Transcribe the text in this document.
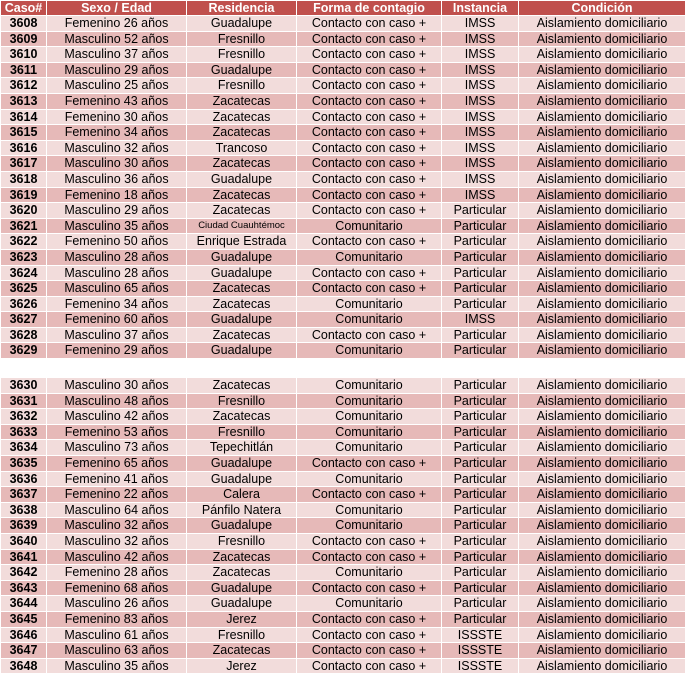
Caso#	Sexo / Edad	Residencia	Forma de contagio	Instancia	Condición
3608	Femenino 26 años	Guadalupe	Contacto con caso +	IMSS	Aislamiento domiciliario
3609	Masculino 52 años	Fresnillo	Contacto con caso +	IMSS	Aislamiento domiciliario
3610	Masculino 37 años	Fresnillo	Contacto con caso +	IMSS	Aislamiento domiciliario
3611	Masculino 29 años	Guadalupe	Contacto con caso +	IMSS	Aislamiento domiciliario
3612	Masculino 25 años	Fresnillo	Contacto con caso +	IMSS	Aislamiento domiciliario
3613	Femenino 43 años	Zacatecas	Contacto con caso +	IMSS	Aislamiento domiciliario
3614	Femenino 30 años	Zacatecas	Contacto con caso +	IMSS	Aislamiento domiciliario
3615	Femenino 34 años	Zacatecas	Contacto con caso +	IMSS	Aislamiento domiciliario
3616	Masculino 32 años	Trancoso	Contacto con caso +	IMSS	Aislamiento domiciliario
3617	Masculino 30 años	Zacatecas	Contacto con caso +	IMSS	Aislamiento domiciliario
3618	Masculino 36 años	Guadalupe	Contacto con caso +	IMSS	Aislamiento domiciliario
3619	Femenino 18 años	Zacatecas	Contacto con caso +	IMSS	Aislamiento domiciliario
3620	Masculino 29 años	Zacatecas	Contacto con caso +	Particular	Aislamiento domiciliario
3621	Masculino 35 años	Ciudad Cuauhtémoc	Comunitario	Particular	Aislamiento domiciliario
3622	Femenino 50 años	Enrique Estrada	Contacto con caso +	Particular	Aislamiento domiciliario
3623	Masculino 28 años	Guadalupe	Comunitario	Particular	Aislamiento domiciliario
3624	Masculino 28 años	Guadalupe	Contacto con caso +	Particular	Aislamiento domiciliario
3625	Masculino 65 años	Zacatecas	Contacto con caso +	Particular	Aislamiento domiciliario
3626	Femenino 34 años	Zacatecas	Comunitario	Particular	Aislamiento domiciliario
3627	Femenino 60 años	Guadalupe	Comunitario	IMSS	Aislamiento domiciliario
3628	Masculino 37 años	Zacatecas	Contacto con caso +	Particular	Aislamiento domiciliario
3629	Femenino 29 años	Guadalupe	Comunitario	Particular	Aislamiento domiciliario

3630	Masculino 30 años	Zacatecas	Comunitario	Particular	Aislamiento domiciliario
3631	Masculino 48 años	Fresnillo	Comunitario	Particular	Aislamiento domiciliario
3632	Masculino 42 años	Zacatecas	Comunitario	Particular	Aislamiento domiciliario
3633	Femenino 53 años	Fresnillo	Comunitario	Particular	Aislamiento domiciliario
3634	Masculino 73 años	Tepechitlán	Comunitario	Particular	Aislamiento domiciliario
3635	Femenino 65 años	Guadalupe	Contacto con caso +	Particular	Aislamiento domiciliario
3636	Femenino 41 años	Guadalupe	Comunitario	Particular	Aislamiento domiciliario
3637	Femenino 22 años	Calera	Contacto con caso +	Particular	Aislamiento domiciliario
3638	Masculino 64 años	Pánfilo Natera	Comunitario	Particular	Aislamiento domiciliario
3639	Masculino 32 años	Guadalupe	Comunitario	Particular	Aislamiento domiciliario
3640	Masculino 32 años	Fresnillo	Contacto con caso +	Particular	Aislamiento domiciliario
3641	Masculino 42 años	Zacatecas	Contacto con caso +	Particular	Aislamiento domiciliario
3642	Femenino 28 años	Zacatecas	Comunitario	Particular	Aislamiento domiciliario
3643	Femenino 68 años	Guadalupe	Contacto con caso +	Particular	Aislamiento domiciliario
3644	Masculino 26 años	Guadalupe	Comunitario	Particular	Aislamiento domiciliario
3645	Femenino 83 años	Jerez	Contacto con caso +	Particular	Aislamiento domiciliario
3646	Masculino 61 años	Fresnillo	Contacto con caso +	ISSSTE	Aislamiento domiciliario
3647	Masculino 63 años	Zacatecas	Contacto con caso +	ISSSTE	Aislamiento domiciliario
3648	Masculino 35 años	Jerez	Contacto con caso +	ISSSTE	Aislamiento domiciliario
